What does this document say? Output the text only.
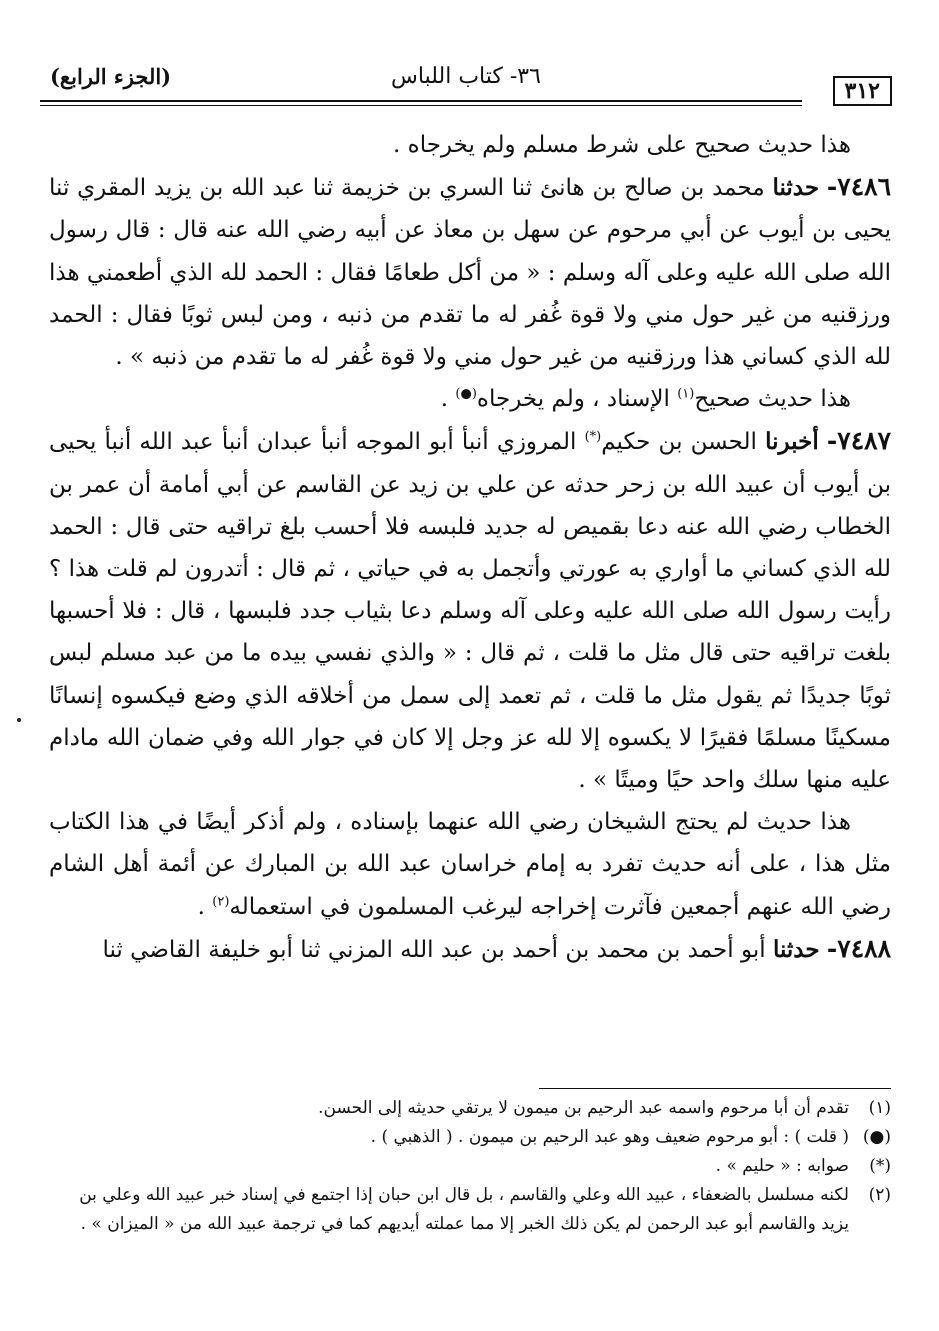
٣١٢
٣٦- كتاب اللباس
(الجزء الرابع)

هذا حديث صحيح على شرط مسلم ولم يخرجاه .

٧٤٨٦- حدثنا محمد بن صالح بن هانئ ثنا السري بن خزيمة ثنا عبد الله بن يزيد المقري ثنا يحيى بن أيوب عن أبي مرحوم عن سهل بن معاذ عن أبيه رضي الله عنه قال : قال رسول الله صلى الله عليه وعلى آله وسلم : « من أكل طعامًا فقال : الحمد لله الذي أطعمني هذا ورزقنيه من غير حول مني ولا قوة غُفر له ما تقدم من ذنبه ، ومن لبس ثوبًا فقال : الحمد لله الذي كساني هذا ورزقنيه من غير حول مني ولا قوة غُفر له ما تقدم من ذنبه » .

هذا حديث صحيح$^{(١)}$ الإسناد ، ولم يخرجاه(●) .

٧٤٨٧- أخبرنا الحسن بن حكيم(*) المروزي أنبأ أبو الموجه أنبأ عبدان أنبأ عبد الله أنبأ يحيى بن أيوب أن عبيد الله بن زحر حدثه عن علي بن زيد عن القاسم عن أبي أمامة أن عمر بن الخطاب رضي الله عنه دعا بقميص له جديد فلبسه فلا أحسب بلغ تراقيه حتى قال : الحمد لله الذي كساني ما أواري به عورتي وأتجمل به في حياتي ، ثم قال : أتدرون لم قلت هذا ؟ رأيت رسول الله صلى الله عليه وعلى آله وسلم دعا بثياب جدد فلبسها ، قال : فلا أحسبها بلغت تراقيه حتى قال مثل ما قلت ، ثم قال : « والذي نفسي بيده ما من عبد مسلم لبس ثوبًا جديدًا ثم يقول مثل ما قلت ، ثم تعمد إلى سمل من أخلاقه الذي وضع فيكسوه إنسانًا مسكينًا مسلمًا فقيرًا لا يكسوه إلا لله عز وجل إلا كان في جوار الله وفي ضمان الله مادام عليه منها سلك واحد حيًا وميتًا » .

هذا حديث لم يحتج الشيخان رضي الله عنهما بإسناده ، ولم أذكر أيضًا في هذا الكتاب مثل هذا ، على أنه حديث تفرد به إمام خراسان عبد الله بن المبارك عن أئمة أهل الشام رضي الله عنهم أجمعين فآثرت إخراجه ليرغب المسلمون في استعماله$^{(٢)}$ .

٧٤٨٨- حدثنا أبو أحمد بن محمد بن أحمد بن عبد الله المزني ثنا أبو خليفة القاضي ثنا

(١)
تقدم أن أبا مرحوم واسمه عبد الرحيم بن ميمون لا يرتقي حديثه إلى الحسن.
(●)
( قلت ) : أبو مرحوم ضعيف وهو عبد الرحيم بن ميمون . ( الذهبي ) .
(*)
صوابه : « حليم » .
(٢)
لكنه مسلسل بالضعفاء ، عبيد الله وعلي والقاسم ، بل قال ابن حبان إذا اجتمع في إسناد خبر عبيد الله وعلي بن يزيد والقاسم أبو عبد الرحمن لم يكن ذلك الخبر إلا مما عملته أيديهم كما في ترجمة عبيد الله من « الميزان » .
